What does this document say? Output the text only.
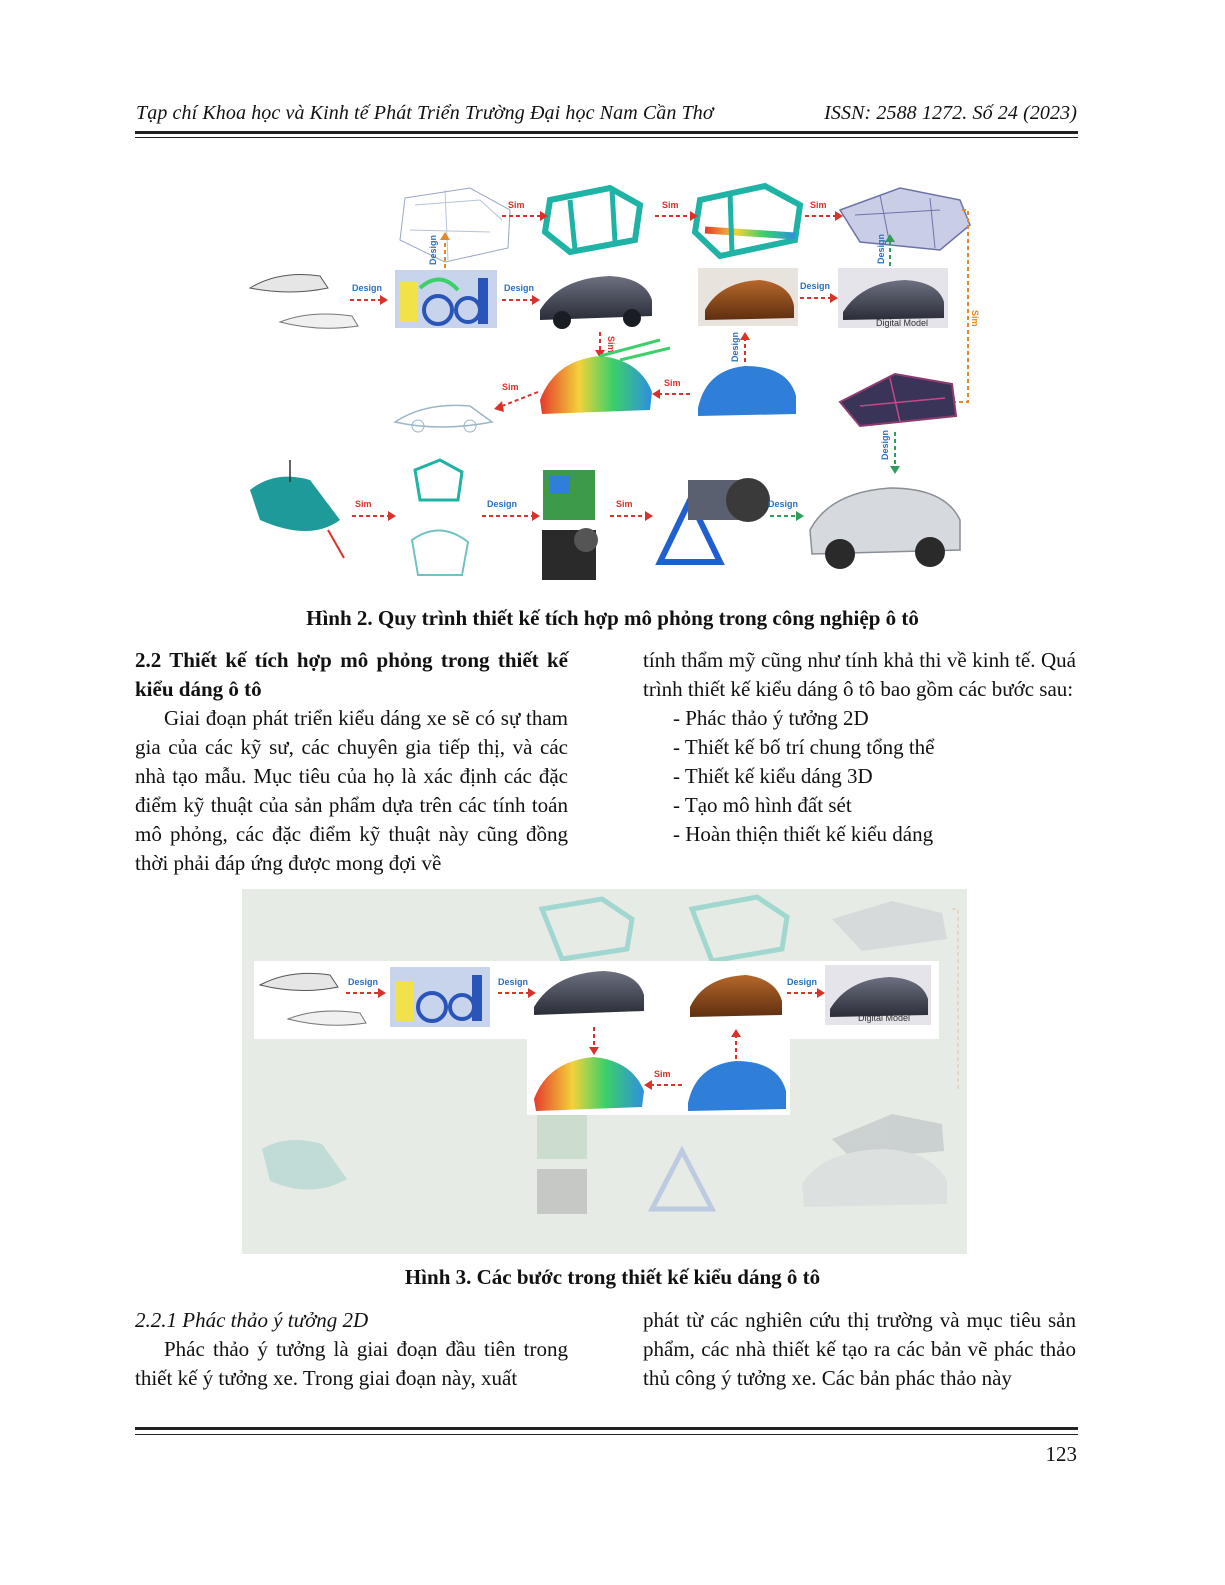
Tạp chí Khoa học và Kinh tế Phát Triển Trường Đại học Nam Cần Thơ	ISSN: 2588 1272. Số 24 (2023)
Sim	Sim	Sim
Sim
Design
Design
Design	Design
Digital Model
Design
Sim
Sim	Sim
Design
Design
Sim	Design	Sim	Design
Hình 2. Quy trình thiết kế tích hợp mô phỏng trong công nghiệp ô tô

2.2 Thiết kế tích hợp mô phỏng trong thiết kế kiểu dáng ô tô

Giai đoạn phát triển kiểu dáng xe sẽ có sự tham gia của các kỹ sư, các chuyên gia tiếp thị, và các nhà tạo mẫu. Mục tiêu của họ là xác định các đặc điểm kỹ thuật của sản phẩm dựa trên các tính toán mô phỏng, các đặc điểm kỹ thuật này cũng đồng thời phải đáp ứng được mong đợi về

tính thẩm mỹ cũng như tính khả thi về kinh tế. Quá trình thiết kế kiểu dáng ô tô bao gồm các bước sau:

- Phác thảo ý tưởng 2D
- Thiết kế bố trí chung tổng thể
- Thiết kế kiểu dáng 3D
- Tạo mô hình đất sét
- Hoàn thiện thiết kế kiểu dáng
Design	Design	Design
Digital Model
Sim
Hình 3. Các bước trong thiết kế kiểu dáng ô tô

2.2.1 Phác thảo ý tưởng 2D

Phác thảo ý tưởng là giai đoạn đầu tiên trong thiết kế ý tưởng xe. Trong giai đoạn này, xuất

phát từ các nghiên cứu thị trường và mục tiêu sản phẩm, các nhà thiết kế tạo ra các bản vẽ phác thảo thủ công ý tưởng xe. Các bản phác thảo này

123
